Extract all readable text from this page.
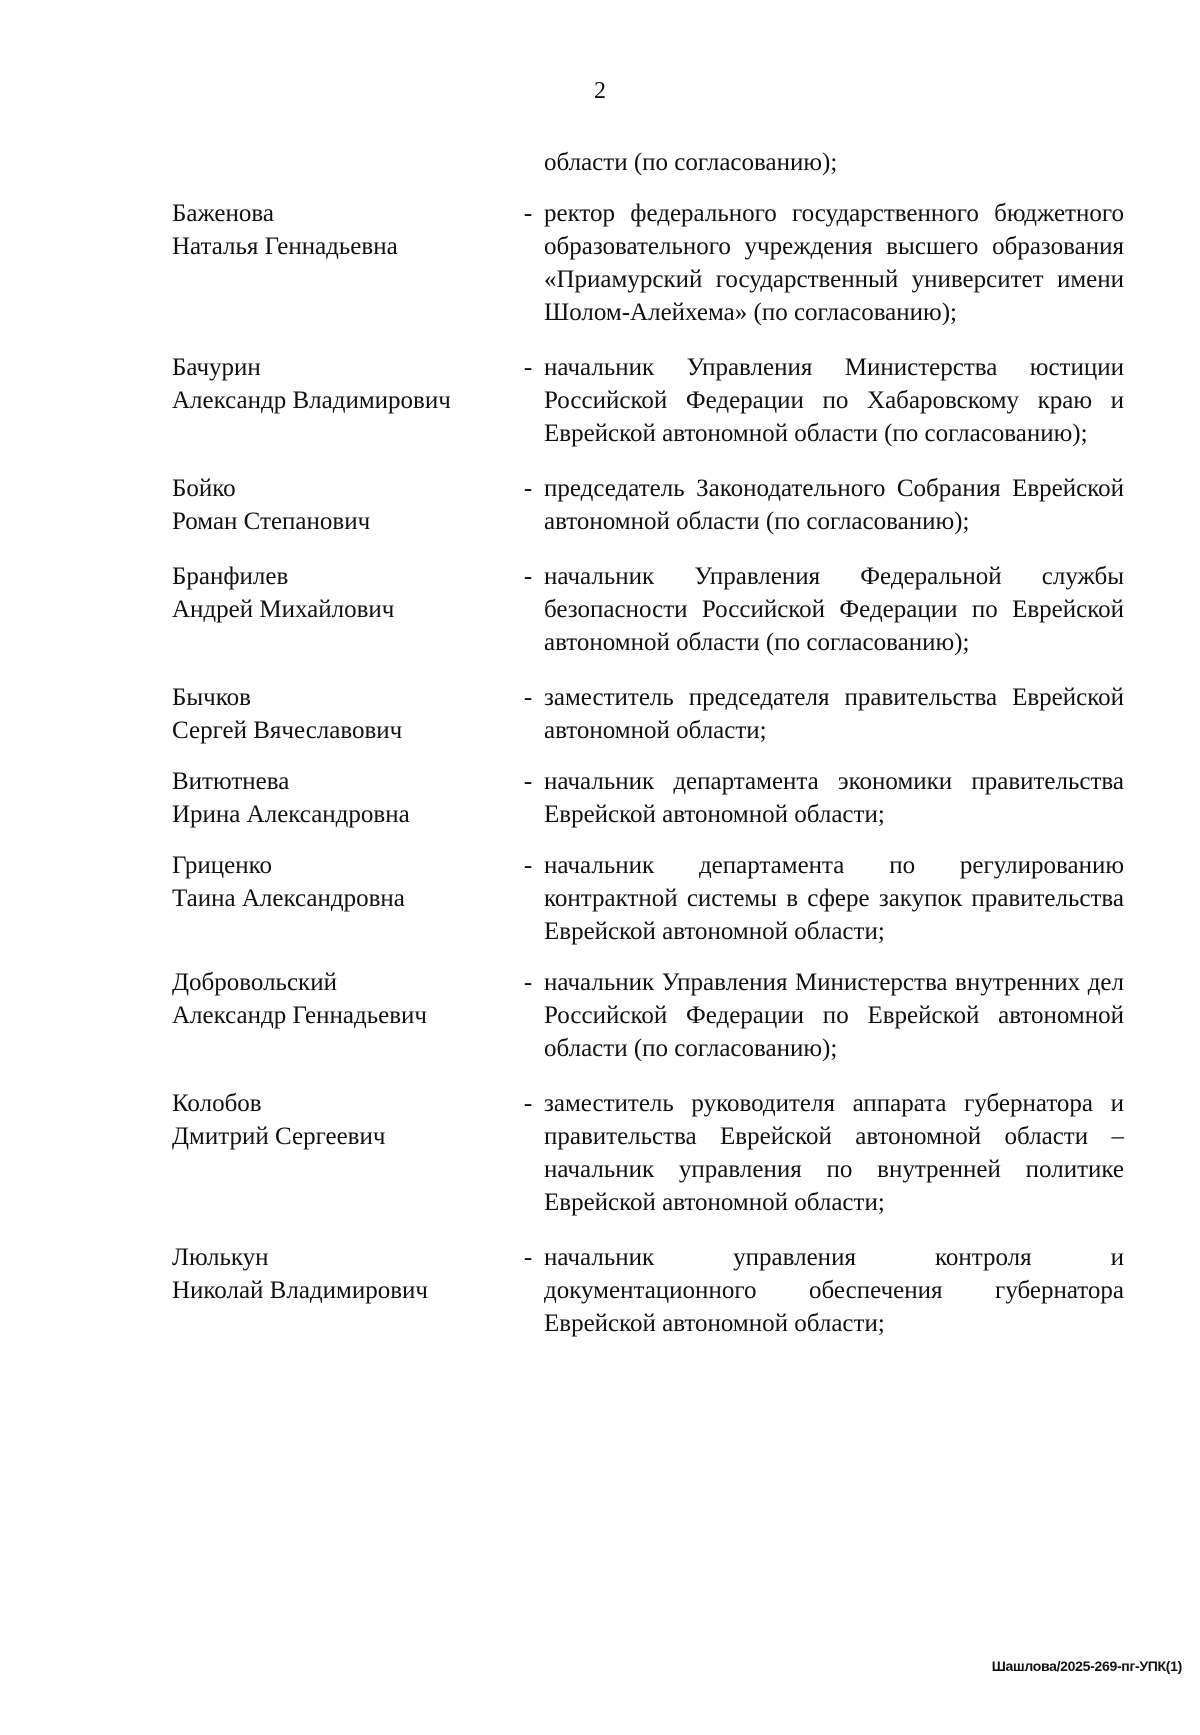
2
области (по согласованию);
Баженова
Наталья Геннадьевна
- ректор федерального государственного бюджетного образовательного учреждения высшего образования «Приамурский государственный университет имени Шолом-Алейхема» (по согласованию);
Бачурин
Александр Владимирович
- начальник Управления Министерства юстиции Российской Федерации по Хабаровскому краю и Еврейской автономной области (по согласованию);
Бойко
Роман Степанович
- председатель Законодательного Собрания Еврейской автономной области (по согласованию);
Бранфилев
Андрей Михайлович
- начальник Управления Федеральной службы безопасности Российской Федерации по Еврейской автономной области (по согласованию);
Бычков
Сергей Вячеславович
- заместитель председателя правительства Еврейской автономной области;
Витютнева
Ирина Александровна
- начальник департамента экономики правительства Еврейской автономной области;
Гриценко
Таина Александровна
- начальник департамента по регулированию контрактной системы в сфере закупок правительства Еврейской автономной области;
Добровольский
Александр Геннадьевич
- начальник Управления Министерства внутренних дел Российской Федерации по Еврейской автономной области (по согласованию);
Колобов
Дмитрий Сергеевич
- заместитель руководителя аппарата губернатора и правительства Еврейской автономной области – начальник управления по внутренней политике Еврейской автономной области;
Люлькун
Николай Владимирович
- начальник управления контроля и документационного обеспечения губернатора Еврейской автономной области;
Шашлова/2025-269-пг-УПК(1)
